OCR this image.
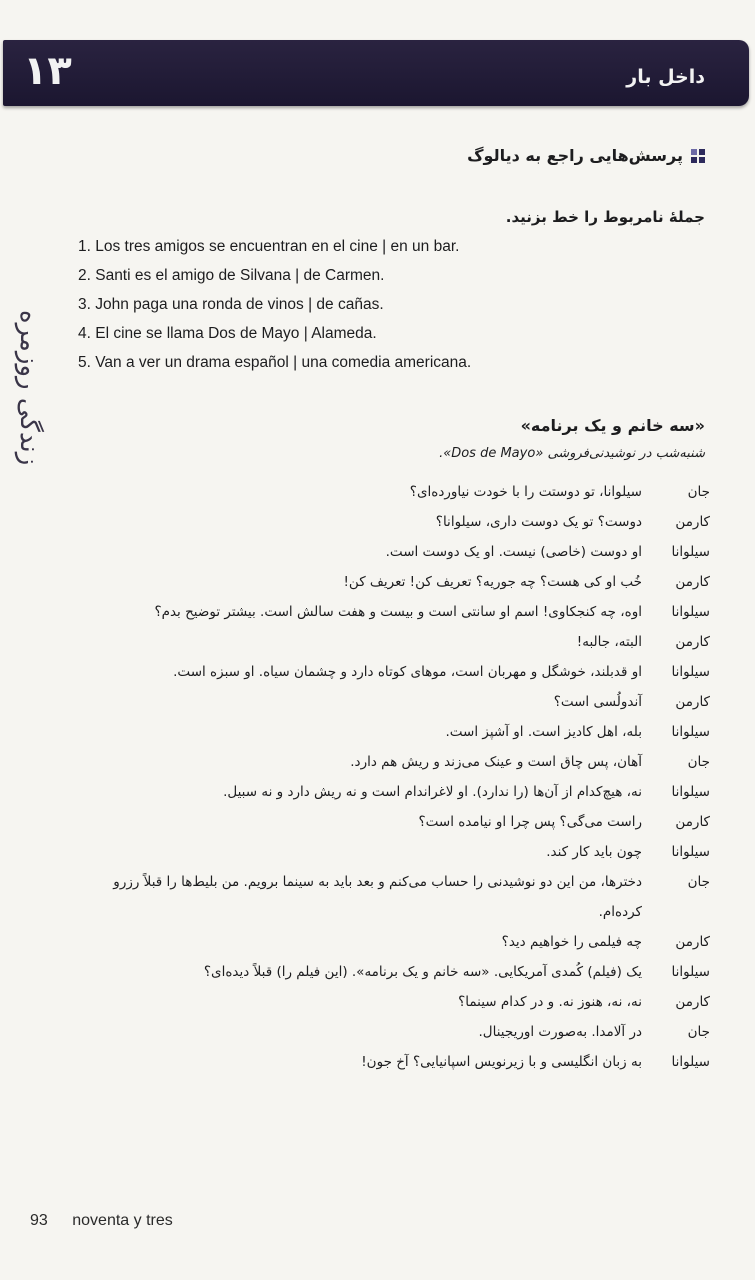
۱۳	داخل بار
زندگی روزمره
پرسش‌هایی راجع به دیالوگ
جملهٔ نامربوط را خط بزنید.
1. Los tres amigos se encuentran en el cine | en un bar.
2. Santi es el amigo de Silvana | de Carmen.
3. John paga una ronda de vinos | de cañas.
4. El cine se llama Dos de Mayo | Alameda.
5. Van a ver un drama español | una comedia americana.
«سه خانم و یک برنامه»
شنبه‌شب در نوشیدنی‌فروشی «Dos de Mayo».
جان
سیلوانا، تو دوستت را با خودت نیاورده‌ای؟
کارمن
دوست؟ تو یک دوست داری، سیلوانا؟
سیلوانا
او دوست (خاصی) نیست. او یک دوست است.
کارمن
خُب او کی هست؟ چه جوریه؟ تعریف کن! تعریف کن!
سیلوانا
اوه، چه کنجکاوی! اسم او سانتی است و بیست و هفت سالش است. بیشتر توضیح بدم؟
کارمن
البته، جالبه!
سیلوانا
او قدبلند، خوشگل و مهربان است، موهای کوتاه دارد و چشمان سیاه. او سبزه است.
کارمن
آندولُسی است؟
سیلوانا
بله، اهل کادیز است. او آشپز است.
جان
آهان، پس چاق است و عینک می‌زند و ریش هم دارد.
سیلوانا
نه، هیچ‌کدام از آن‌ها (را ندارد). او لاغراندام است و نه ریش دارد و نه سبیل.
کارمن
راست می‌گی؟ پس چرا او نیامده است؟
سیلوانا
چون باید کار کند.
جان
دخترها، من این دو نوشیدنی را حساب می‌کنم و بعد باید به سینما برویم. من بلیط‌ها را قبلاً رزرو کرده‌ام.
کارمن
چه فیلمی را خواهیم دید؟
سیلوانا
یک (فیلم) کُمدی آمریکایی. «سه خانم و یک برنامه». (این فیلم را) قبلاً دیده‌ای؟
کارمن
نه، نه، هنوز نه. و در کدام سینما؟
جان
در آلامدا. به‌صورت اوریجینال.
سیلوانا
به زبان انگلیسی و با زیرنویس اسپانیایی؟ آخ جون!
93 noventa y tres
